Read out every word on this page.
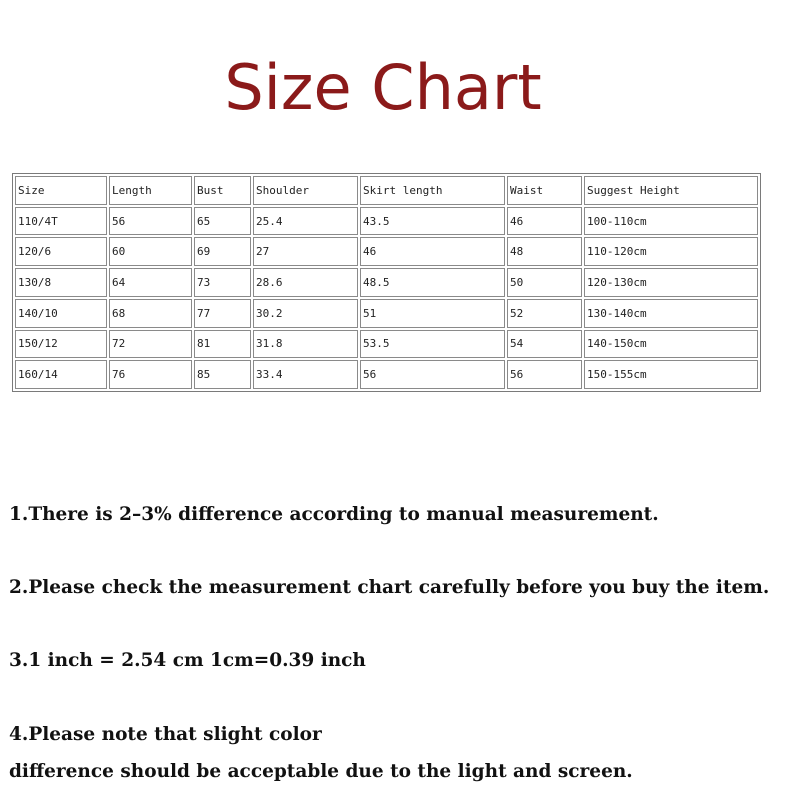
Size Chart
Size	Length	Bust	Shoulder	Skirt length	Waist	Suggest Height
110/4T	56	65	25.4	43.5	46	100-110cm
120/6	60	69	27	46	48	110-120cm
130/8	64	73	28.6	48.5	50	120-130cm
140/10	68	77	30.2	51	52	130-140cm
150/12	72	81	31.8	53.5	54	140-150cm
160/14	76	85	33.4	56	56	150-155cm

1.There is 2–3% difference according to manual measurement.

2.Please check the measurement chart carefully before you buy the item.

3.1 inch = 2.54 cm 1cm=0.39 inch

4.Please note that slight color

difference should be acceptable due to the light and screen.
